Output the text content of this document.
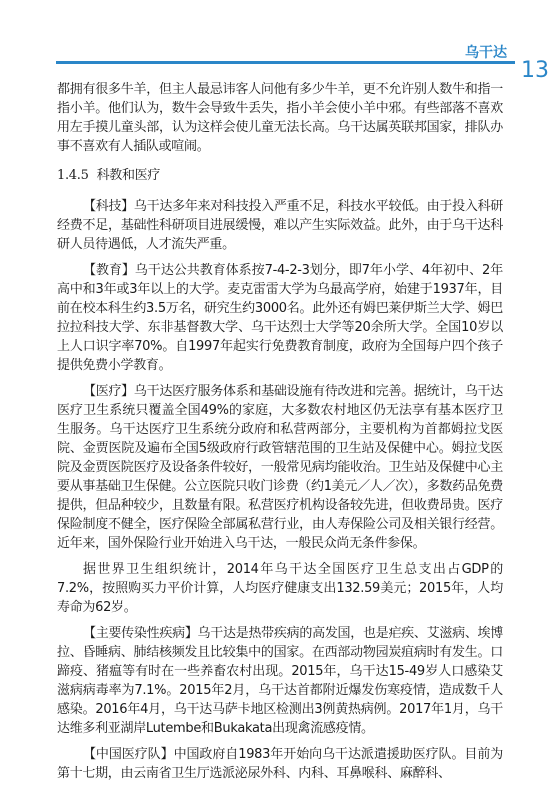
乌干达
13

都拥有很多牛羊，但主人最忌讳客人问他有多少牛羊，更不允许别人数牛和指一指小羊。他们认为，数牛会导致牛丢失，指小羊会使小羊中邪。有些部落不喜欢用左手摸儿童头部，认为这样会使儿童无法长高。乌干达属英联邦国家，排队办事不喜欢有人插队或喧闹。

1.4.5 科教和医疗

【科技】乌干达多年来对科技投入严重不足，科技水平较低。由于投入科研经费不足，基础性科研项目进展缓慢，难以产生实际效益。此外，由于乌干达科研人员待遇低，人才流失严重。

【教育】乌干达公共教育体系按7-4-2-3划分，即7年小学、4年初中、2年高中和3年或3年以上的大学。麦克雷雷大学为乌最高学府，始建于1937年，目前在校本科生约3.5万名，研究生约3000名。此外还有姆巴莱伊斯兰大学、姆巴拉拉科技大学、东非基督教大学、乌干达烈士大学等20余所大学。全国10岁以上人口识字率70%。自1997年起实行免费教育制度，政府为全国每户四个孩子提供免费小学教育。

【医疗】乌干达医疗服务体系和基础设施有待改进和完善。据统计，乌干达医疗卫生系统只覆盖全国49%的家庭，大多数农村地区仍无法享有基本医疗卫生服务。乌干达医疗卫生系统分政府和私营两部分，主要机构为首都姆拉戈医院、金贾医院及遍布全国5级政府行政管辖范围的卫生站及保健中心。姆拉戈医院及金贾医院医疗及设备条件较好，一般常见病均能收治。卫生站及保健中心主要从事基础卫生保健。公立医院只收门诊费（约1美元／人／次），多数药品免费提供，但品种较少，且数量有限。私营医疗机构设备较先进，但收费昂贵。医疗保险制度不健全，医疗保险全部属私营行业，由人寿保险公司及相关银行经营。近年来，国外保险行业开始进入乌干达，一般民众尚无条件参保。

据世界卫生组织统计，2014年乌干达全国医疗卫生总支出占GDP的7.2%，按照购买力平价计算，人均医疗健康支出132.59美元；2015年，人均寿命为62岁。

【主要传染性疾病】乌干达是热带疾病的高发国，也是疟疾、艾滋病、埃博拉、昏睡病、肺结核频发且比较集中的国家。在西部动物园炭疽病时有发生。口蹄疫、猪瘟等有时在一些养畜农村出现。2015年，乌干达15-49岁人口感染艾滋病病毒率为7.1%。2015年2月，乌干达首都附近爆发伤寒疫情，造成数千人感染。2016年4月，乌干达马萨卡地区检测出3例黄热病例。2017年1月，乌干达维多利亚湖岸Lutembe和Bukakata出现禽流感疫情。

【中国医疗队】中国政府自1983年开始向乌干达派遣援助医疗队。目前为第十七期，由云南省卫生厅选派泌尿外科、内科、耳鼻喉科、麻醉科、
